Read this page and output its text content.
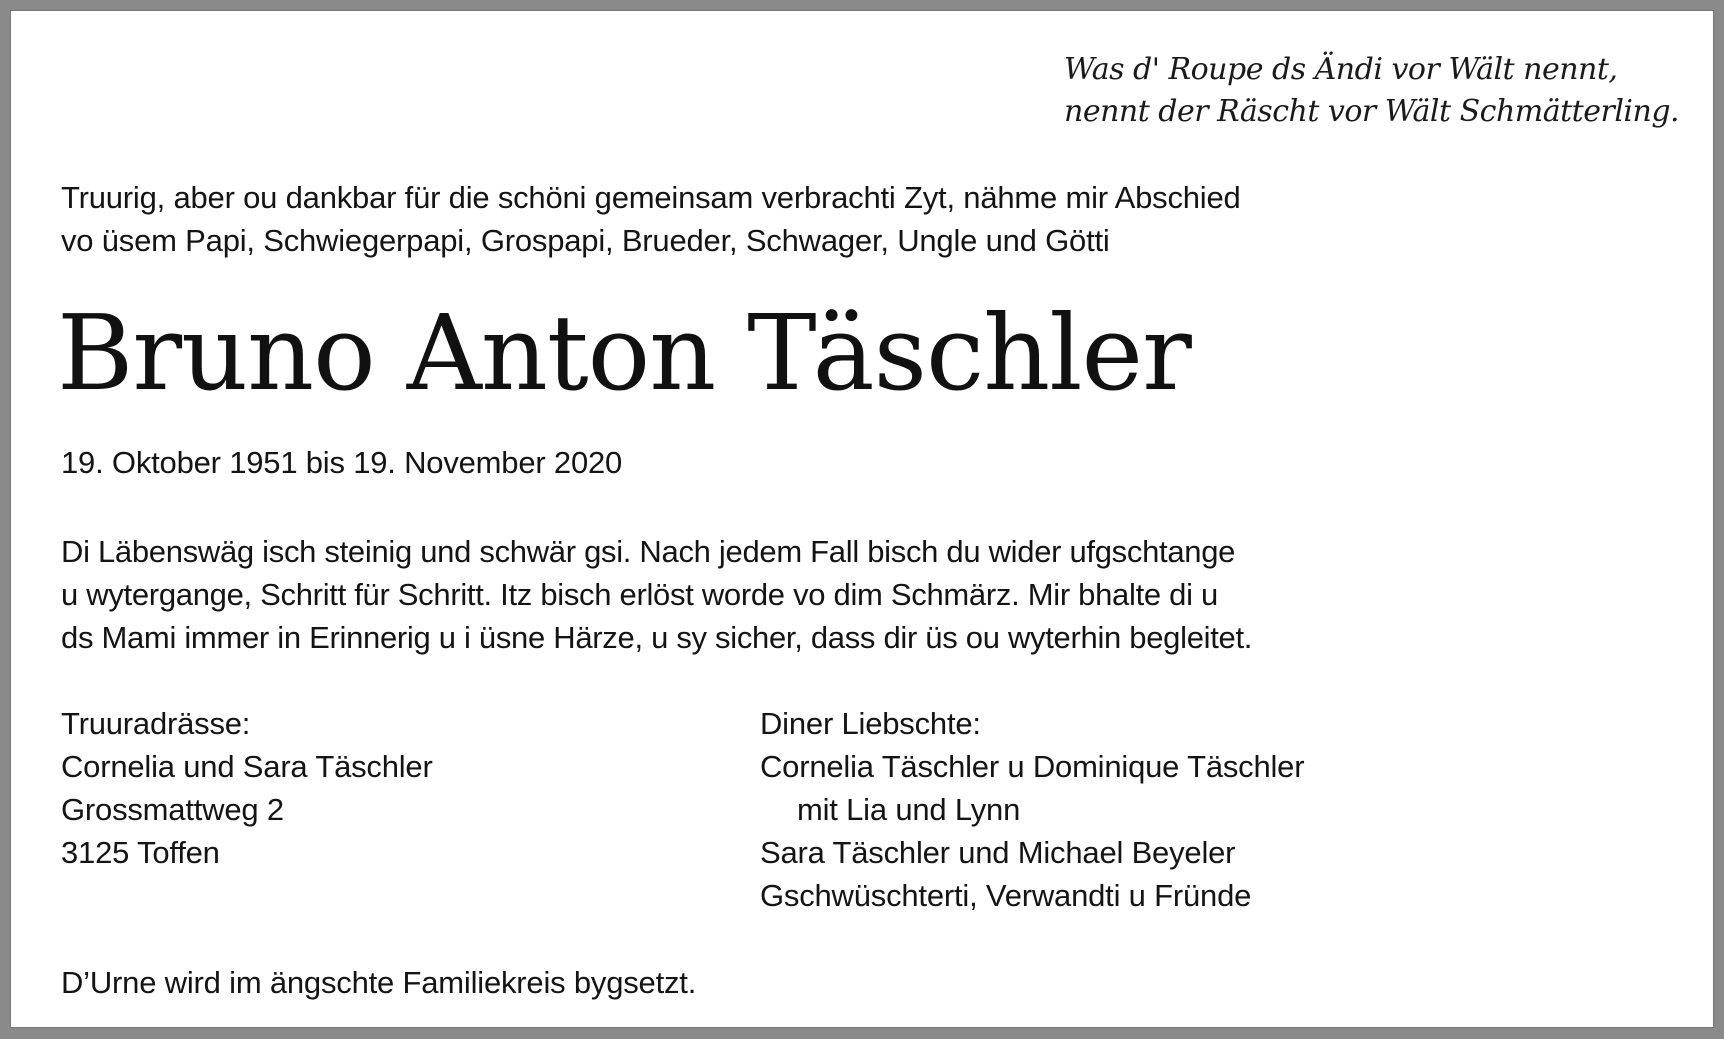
Was d' Roupe ds Ändi vor Wält nennt,
nennt der Räscht vor Wält Schmätterling.
Truurig, aber ou dankbar für die schöni gemeinsam verbrachti Zyt, nähme mir Abschied
vo üsem Papi, Schwiegerpapi, Grospapi, Brueder, Schwager, Ungle und Götti
Bruno Anton Täschler
19. Oktober 1951 bis 19. November 2020
Di Läbenswäg isch steinig und schwär gsi. Nach jedem Fall bisch du wider ufgschtange
u wytergange, Schritt für Schritt. Itz bisch erlöst worde vo dim Schmärz. Mir bhalte di u
ds Mami immer in Erinnerig u i üsne Härze, u sy sicher, dass dir üs ou wyterhin begleitet.
Truuradrässe:
Cornelia und Sara Täschler
Grossmattweg 2
3125 Toffen
Diner Liebschte:
Cornelia Täschler u Dominique Täschler
mit Lia und Lynn
Sara Täschler und Michael Beyeler
Gschwüschterti, Verwandti u Fründe
D’Urne wird im ängschte Familiekreis bygsetzt.
